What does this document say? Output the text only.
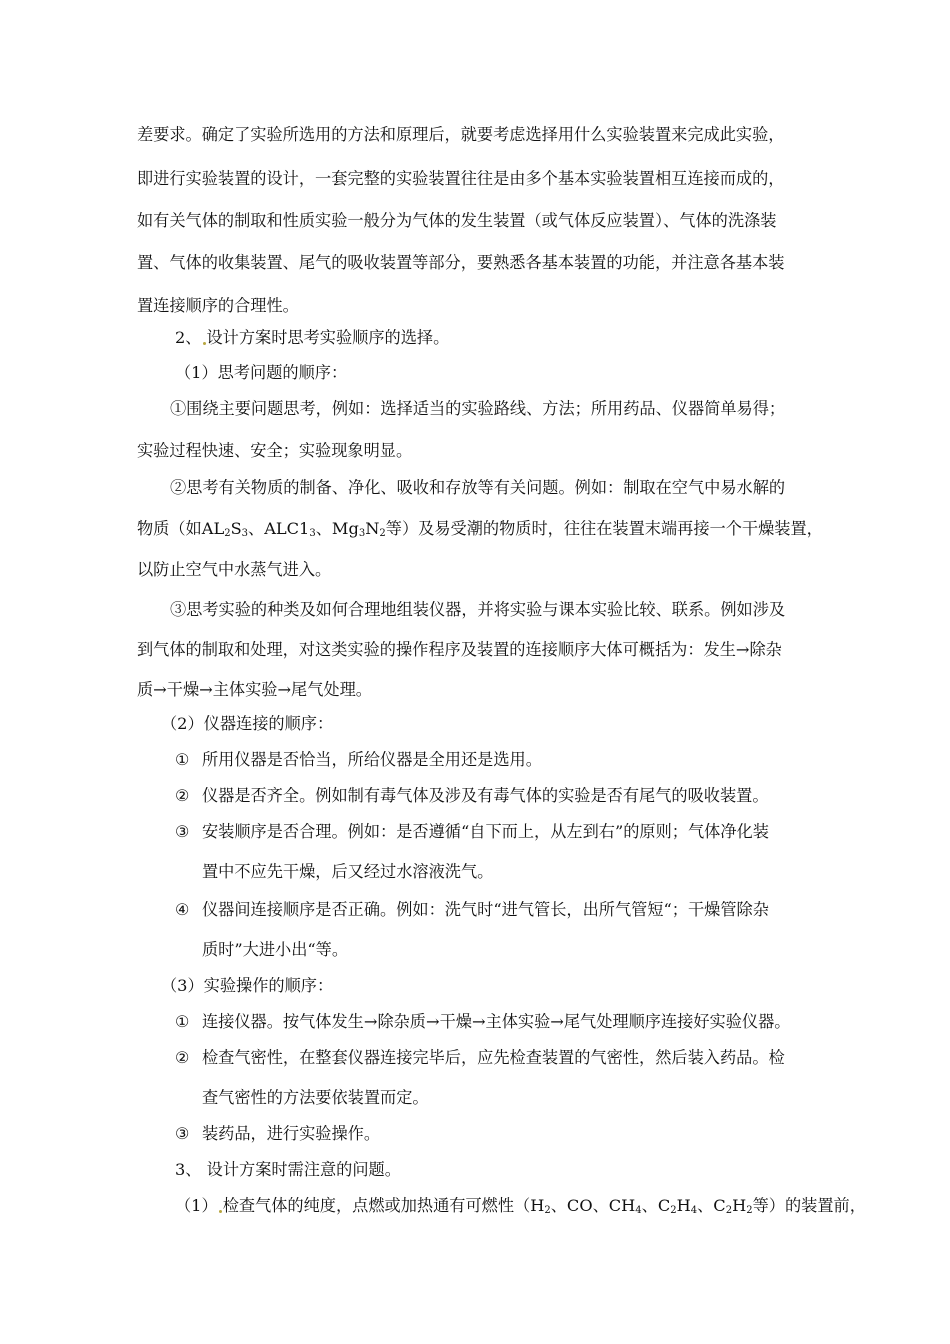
差要求。确定了实验所选用的方法和原理后，就要考虑选择用什么实验装置来完成此实验，
即进行实验装置的设计，一套完整的实验装置往往是由多个基本实验装置相互连接而成的，
如有关气体的制取和性质实验一般分为气体的发生装置（或气体反应装置）、气体的洗涤装
置、气体的收集装置、尾气的吸收装置等部分，要熟悉各基本装置的功能，并注意各基本装
置连接顺序的合理性。
2、 设计方案时思考实验顺序的选择。
（1）思考问题的顺序：
①围绕主要问题思考，例如：选择适当的实验路线、方法；所用药品、仪器简单易得；
实验过程快速、安全；实验现象明显。
②思考有关物质的制备、净化、吸收和存放等有关问题。例如：制取在空气中易水解的
物质（如$AL_2S_3$、$ALC1_3$、$Mg_3N_2$等）及易受潮的物质时，往往在装置末端再接一个干燥装置，
以防止空气中水蒸气进入。
③思考实验的种类及如何合理地组装仪器，并将实验与课本实验比较、联系。例如涉及
到气体的制取和处理，对这类实验的操作程序及装置的连接顺序大体可概括为：发生→除杂
质→干燥→主体实验→尾气处理。
（2）仪器连接的顺序：
① 所用仪器是否恰当，所给仪器是全用还是选用。
② 仪器是否齐全。例如制有毒气体及涉及有毒气体的实验是否有尾气的吸收装置。
③ 安装顺序是否合理。例如：是否遵循“自下而上，从左到右”的原则；气体净化装
置中不应先干燥，后又经过水溶液洗气。
④ 仪器间连接顺序是否正确。例如：洗气时“进气管长，出所气管短“；干燥管除杂
质时”大进小出“等。
（3）实验操作的顺序：
① 连接仪器。按气体发生→除杂质→干燥→主体实验→尾气处理顺序连接好实验仪器。
② 检查气密性，在整套仪器连接完毕后，应先检查装置的气密性，然后装入药品。检
查气密性的方法要依装置而定。
③ 装药品，进行实验操作。
3、 设计方案时需注意的问题。
（1） 检查气体的纯度，点燃或加热通有可燃性（$H_2$、CO、$CH_4$、$C_2H_4$、$C_2H_2$等）的装置前，
